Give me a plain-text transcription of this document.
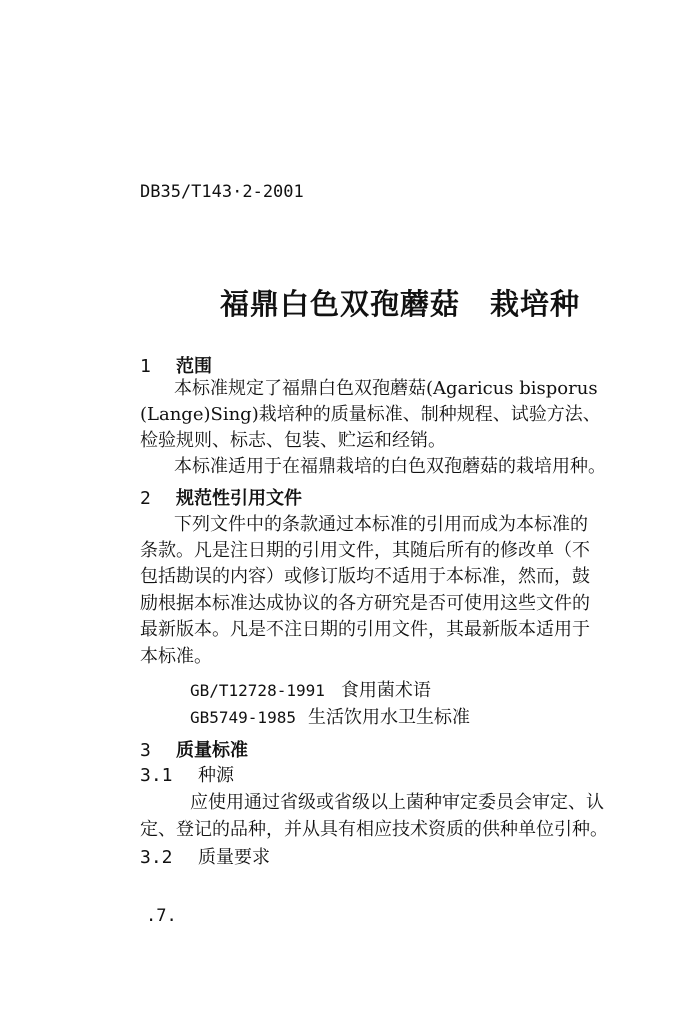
DB35/T143·2-2001
福鼎白色双孢蘑菇 栽培种
1 范围
本标准规定了福鼎白色双孢蘑菇(Agaricus bisporus
(Lange)Sing)栽培种的质量标准、制种规程、试验方法、
检验规则、标志、包装、贮运和经销。
本标准适用于在福鼎栽培的白色双孢蘑菇的栽培用种。
2 规范性引用文件
下列文件中的条款通过本标准的引用而成为本标准的
条款。凡是注日期的引用文件，其随后所有的修改单（不
包括勘误的内容）或修订版均不适用于本标准，然而，鼓
励根据本标准达成协议的各方研究是否可使用这些文件的
最新版本。凡是不注日期的引用文件，其最新版本适用于
本标准。
GB/T12728-1991 食用菌术语
GB5749-1985 生活饮用水卫生标准
3 质量标准
3.1 种源
应使用通过省级或省级以上菌种审定委员会审定、认
定、登记的品种，并从具有相应技术资质的供种单位引种。
3.2 质量要求
.7.
